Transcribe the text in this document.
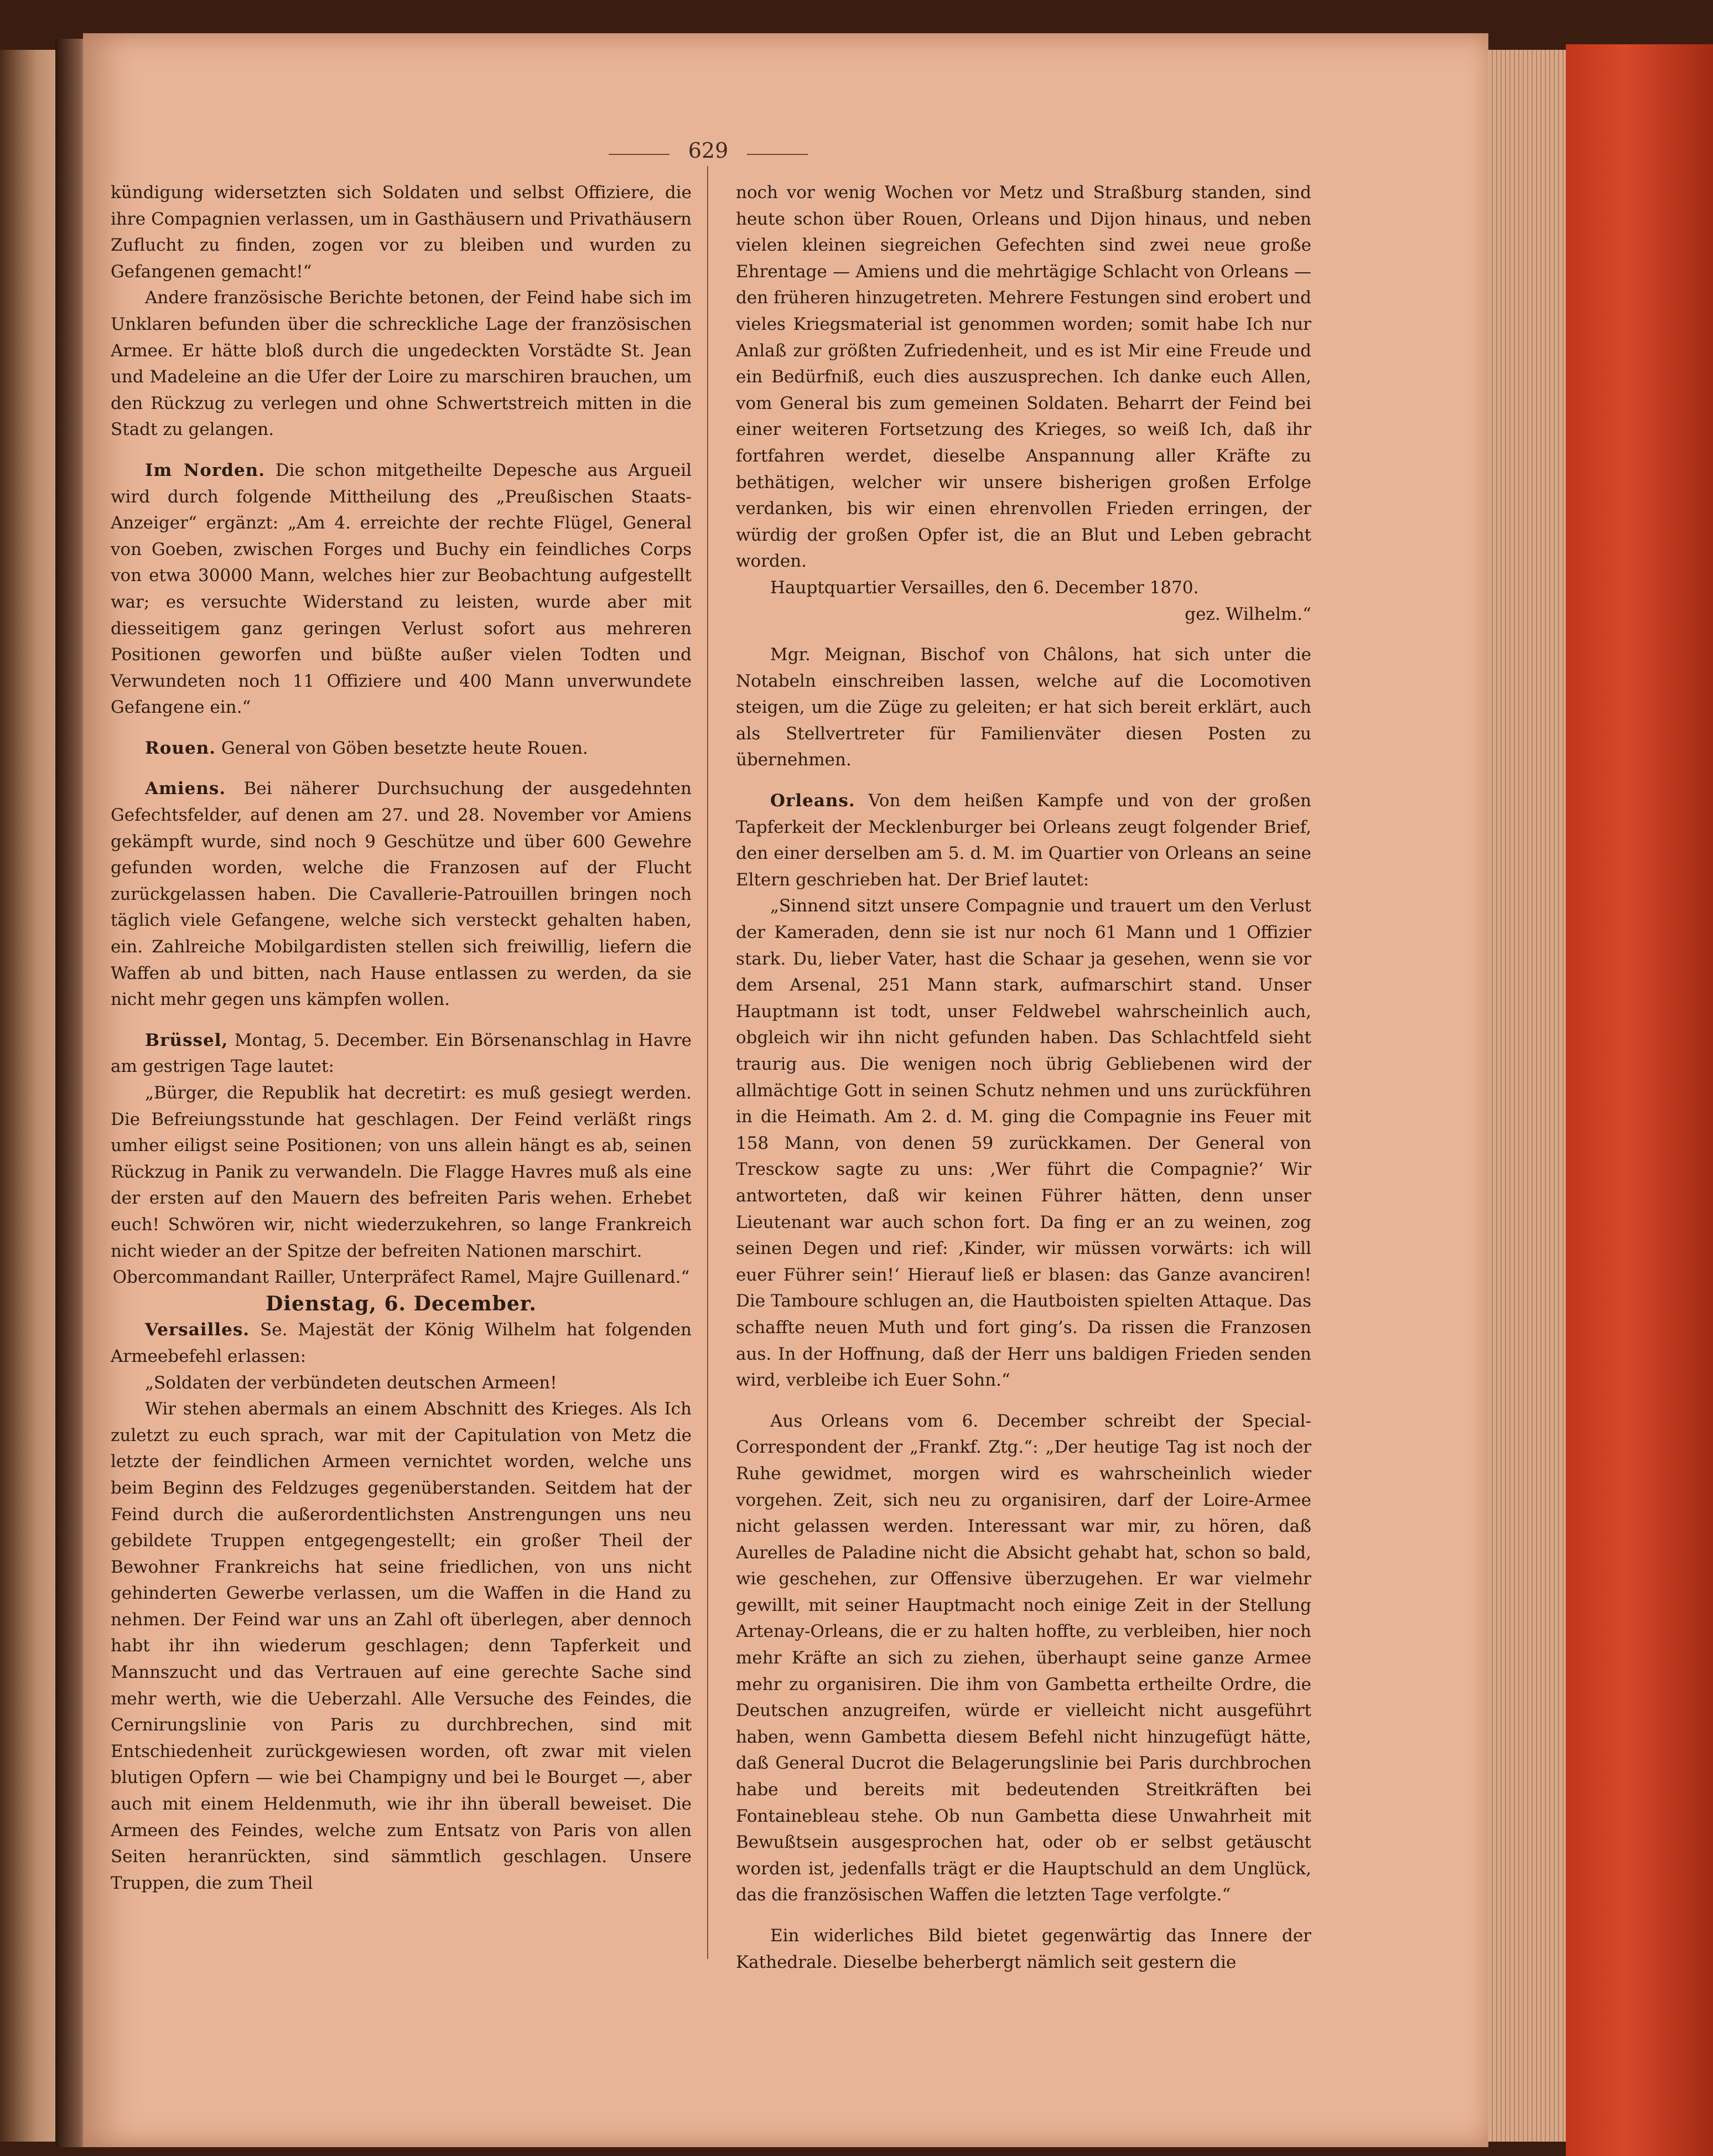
629

kündigung widersetzten sich Soldaten und selbst Offiziere, die ihre Compagnien verlassen, um in Gasthäusern und Privathäusern Zuflucht zu finden, zogen vor zu bleiben und wurden zu Gefangenen gemacht!“

Andere französische Berichte betonen, der Feind habe sich im Unklaren befunden über die schreckliche Lage der französischen Armee. Er hätte bloß durch die ungedeckten Vorstädte St. Jean und Madeleine an die Ufer der Loire zu marschiren brauchen, um den Rückzug zu verlegen und ohne Schwertstreich mitten in die Stadt zu gelangen.

Im Norden. Die schon mitgetheilte Depesche aus Argueil wird durch folgende Mittheilung des „Preußischen Staats-Anzeiger“ ergänzt: „Am 4. erreichte der rechte Flügel, General von Goeben, zwischen Forges und Buchy ein feindliches Corps von etwa 30000 Mann, welches hier zur Beobachtung aufgestellt war; es versuchte Widerstand zu leisten, wurde aber mit diesseitigem ganz geringen Verlust sofort aus mehreren Positionen geworfen und büßte außer vielen Todten und Verwundeten noch 11 Offiziere und 400 Mann unverwundete Gefangene ein.“

Rouen. General von Göben besetzte heute Rouen.

Amiens. Bei näherer Durchsuchung der ausgedehnten Gefechtsfelder, auf denen am 27. und 28. November vor Amiens gekämpft wurde, sind noch 9 Geschütze und über 600 Gewehre gefunden worden, welche die Franzosen auf der Flucht zurückgelassen haben. Die Cavallerie-Patrouillen bringen noch täglich viele Gefangene, welche sich versteckt gehalten haben, ein. Zahlreiche Mobilgardisten stellen sich freiwillig, liefern die Waffen ab und bitten, nach Hause entlassen zu werden, da sie nicht mehr gegen uns kämpfen wollen.

Brüssel, Montag, 5. December. Ein Börsenanschlag in Havre am gestrigen Tage lautet:

„Bürger, die Republik hat decretirt: es muß gesiegt werden. Die Befreiungsstunde hat geschlagen. Der Feind verläßt rings umher eiligst seine Positionen; von uns allein hängt es ab, seinen Rückzug in Panik zu verwandeln. Die Flagge Havres muß als eine der ersten auf den Mauern des befreiten Paris wehen. Erhebet euch! Schwören wir, nicht wiederzukehren, so lange Frankreich nicht wieder an der Spitze der befreiten Nationen marschirt.

Obercommandant Railler, Unterpräfect Ramel, Majre Guillenard.“

Dienstag, 6. December.

Versailles. Se. Majestät der König Wilhelm hat folgenden Armeebefehl erlassen:

„Soldaten der verbündeten deutschen Armeen!

Wir stehen abermals an einem Abschnitt des Krieges. Als Ich zuletzt zu euch sprach, war mit der Capitulation von Metz die letzte der feindlichen Armeen vernichtet worden, welche uns beim Beginn des Feldzuges gegenüberstanden. Seitdem hat der Feind durch die außerordentlichsten Anstrengungen uns neu gebildete Truppen entgegengestellt; ein großer Theil der Bewohner Frankreichs hat seine friedlichen, von uns nicht gehinderten Gewerbe verlassen, um die Waffen in die Hand zu nehmen. Der Feind war uns an Zahl oft überlegen, aber dennoch habt ihr ihn wiederum geschlagen; denn Tapferkeit und Mannszucht und das Vertrauen auf eine gerechte Sache sind mehr werth, wie die Ueberzahl. Alle Versuche des Feindes, die Cernirungslinie von Paris zu durchbrechen, sind mit Entschiedenheit zurückgewiesen worden, oft zwar mit vielen blutigen Opfern — wie bei Champigny und bei le Bourget —, aber auch mit einem Heldenmuth, wie ihr ihn überall beweiset. Die Armeen des Feindes, welche zum Entsatz von Paris von allen Seiten heranrückten, sind sämmtlich geschlagen. Unsere Truppen, die zum Theil

noch vor wenig Wochen vor Metz und Straßburg standen, sind heute schon über Rouen, Orleans und Dijon hinaus, und neben vielen kleinen siegreichen Gefechten sind zwei neue große Ehrentage — Amiens und die mehrtägige Schlacht von Orleans — den früheren hinzugetreten. Mehrere Festungen sind erobert und vieles Kriegsmaterial ist genommen worden; somit habe Ich nur Anlaß zur größten Zufriedenheit, und es ist Mir eine Freude und ein Bedürfniß, euch dies auszusprechen. Ich danke euch Allen, vom General bis zum gemeinen Soldaten. Beharrt der Feind bei einer weiteren Fortsetzung des Krieges, so weiß Ich, daß ihr fortfahren werdet, dieselbe Anspannung aller Kräfte zu bethätigen, welcher wir unsere bisherigen großen Erfolge verdanken, bis wir einen ehrenvollen Frieden erringen, der würdig der großen Opfer ist, die an Blut und Leben gebracht worden.

Hauptquartier Versailles, den 6. December 1870.

gez. Wilhelm.“

Mgr. Meignan, Bischof von Châlons, hat sich unter die Notabeln einschreiben lassen, welche auf die Locomotiven steigen, um die Züge zu geleiten; er hat sich bereit erklärt, auch als Stellvertreter für Familienväter diesen Posten zu übernehmen.

Orleans. Von dem heißen Kampfe und von der großen Tapferkeit der Mecklenburger bei Orleans zeugt folgender Brief, den einer derselben am 5. d. M. im Quartier von Orleans an seine Eltern geschrieben hat. Der Brief lautet:

„Sinnend sitzt unsere Compagnie und trauert um den Verlust der Kameraden, denn sie ist nur noch 61 Mann und 1 Offizier stark. Du, lieber Vater, hast die Schaar ja gesehen, wenn sie vor dem Arsenal, 251 Mann stark, aufmarschirt stand. Unser Hauptmann ist todt, unser Feldwebel wahrscheinlich auch, obgleich wir ihn nicht gefunden haben. Das Schlachtfeld sieht traurig aus. Die wenigen noch übrig Gebliebenen wird der allmächtige Gott in seinen Schutz nehmen und uns zurückführen in die Heimath. Am 2. d. M. ging die Compagnie ins Feuer mit 158 Mann, von denen 59 zurückkamen. Der General von Tresckow sagte zu uns: ‚Wer führt die Compagnie?‘ Wir antworteten, daß wir keinen Führer hätten, denn unser Lieutenant war auch schon fort. Da fing er an zu weinen, zog seinen Degen und rief: ‚Kinder, wir müssen vorwärts: ich will euer Führer sein!‘ Hierauf ließ er blasen: das Ganze avanciren! Die Tamboure schlugen an, die Hautboisten spielten Attaque. Das schaffte neuen Muth und fort ging’s. Da rissen die Franzosen aus. In der Hoffnung, daß der Herr uns baldigen Frieden senden wird, verbleibe ich Euer Sohn.“

Aus Orleans vom 6. December schreibt der Special-Correspondent der „Frankf. Ztg.“: „Der heutige Tag ist noch der Ruhe gewidmet, morgen wird es wahrscheinlich wieder vorgehen. Zeit, sich neu zu organisiren, darf der Loire-Armee nicht gelassen werden. Interessant war mir, zu hören, daß Aurelles de Paladine nicht die Absicht gehabt hat, schon so bald, wie geschehen, zur Offensive überzugehen. Er war vielmehr gewillt, mit seiner Hauptmacht noch einige Zeit in der Stellung Artenay-Orleans, die er zu halten hoffte, zu verbleiben, hier noch mehr Kräfte an sich zu ziehen, überhaupt seine ganze Armee mehr zu organisiren. Die ihm von Gambetta ertheilte Ordre, die Deutschen anzugreifen, würde er vielleicht nicht ausgeführt haben, wenn Gambetta diesem Befehl nicht hinzugefügt hätte, daß General Ducrot die Belagerungslinie bei Paris durchbrochen habe und bereits mit bedeutenden Streitkräften bei Fontainebleau stehe. Ob nun Gambetta diese Unwahrheit mit Bewußtsein ausgesprochen hat, oder ob er selbst getäuscht worden ist, jedenfalls trägt er die Hauptschuld an dem Unglück, das die französischen Waffen die letzten Tage verfolgte.“

Ein widerliches Bild bietet gegenwärtig das Innere der Kathedrale. Dieselbe beherbergt nämlich seit gestern die
